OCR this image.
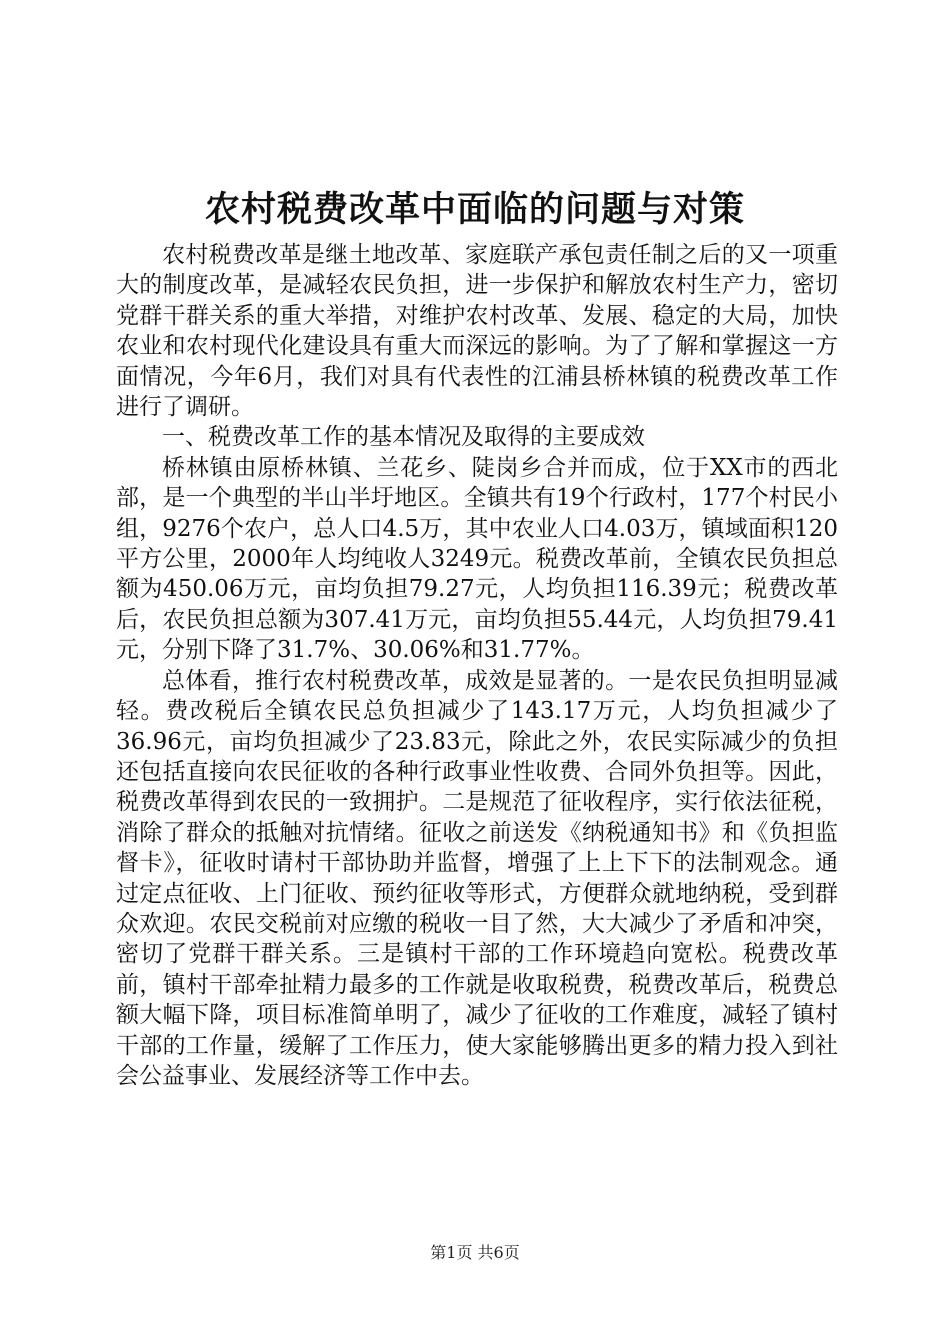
农村税费改革中面临的问题与对策

农村税费改革是继土地改革、家庭联产承包责任制之后的又一项重大的制度改革，是减轻农民负担，进一步保护和解放农村生产力，密切党群干群关系的重大举措，对维护农村改革、发展、稳定的大局，加快农业和农村现代化建设具有重大而深远的影响。为了了解和掌握这一方面情况，今年6月，我们对具有代表性的江浦县桥林镇的税费改革工作进行了调研。

一、税费改革工作的基本情况及取得的主要成效

桥林镇由原桥林镇、兰花乡、陡岗乡合并而成，位于XX市的西北部，是一个典型的半山半圩地区。全镇共有19个行政村，177个村民小组，9276个农户，总人口4.5万，其中农业人口4.03万，镇域面积120平方公里，2000年人均纯收人3249元。税费改革前，全镇农民负担总额为450.06万元，亩均负担79.27元，人均负担116.39元；税费改革后，农民负担总额为307.41万元，亩均负担55.44元，人均负担79.41元，分别下降了31.7%、30.06%和31.77%。

总体看，推行农村税费改革，成效是显著的。一是农民负担明显减轻。费改税后全镇农民总负担减少了143.17万元，人均负担减少了36.96元，亩均负担减少了23.83元，除此之外，农民实际减少的负担还包括直接向农民征收的各种行政事业性收费、合同外负担等。因此，税费改革得到农民的一致拥护。二是规范了征收程序，实行依法征税，消除了群众的抵触对抗情绪。征收之前送发《纳税通知书》和《负担监督卡》，征收时请村干部协助并监督，增强了上上下下的法制观念。通过定点征收、上门征收、预约征收等形式，方便群众就地纳税，受到群众欢迎。农民交税前对应缴的税收一目了然，大大减少了矛盾和冲突，密切了党群干群关系。三是镇村干部的工作环境趋向宽松。税费改革前，镇村干部牵扯精力最多的工作就是收取税费，税费改革后，税费总额大幅下降，项目标准简单明了，减少了征收的工作难度，减轻了镇村干部的工作量，缓解了工作压力，使大家能够腾出更多的精力投入到社会公益事业、发展经济等工作中去。

第1页 共6页
